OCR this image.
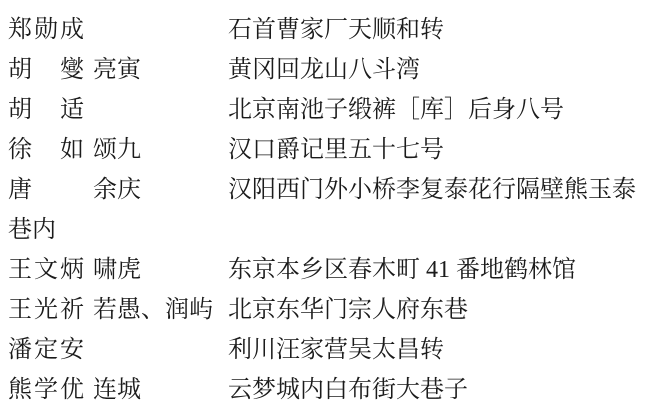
郑勋成	石首曹家厂天顺和转
胡　燮 亮寅	黄冈回龙山八斗湾
胡　适	北京南池子缎裤［库］后身八号
徐　如 颂九	汉口爵记里五十七号
唐	余庆	汉阳西门外小桥李复泰花行隔壁熊玉泰
巷内
王文炳 啸虎	东京本乡区春木町 41 番地鹤林馆
王光祈 若愚、润屿 北京东华门宗人府东巷
潘定安	利川汪家营吴太昌转
熊学优 连城	云梦城内白布街大巷子
